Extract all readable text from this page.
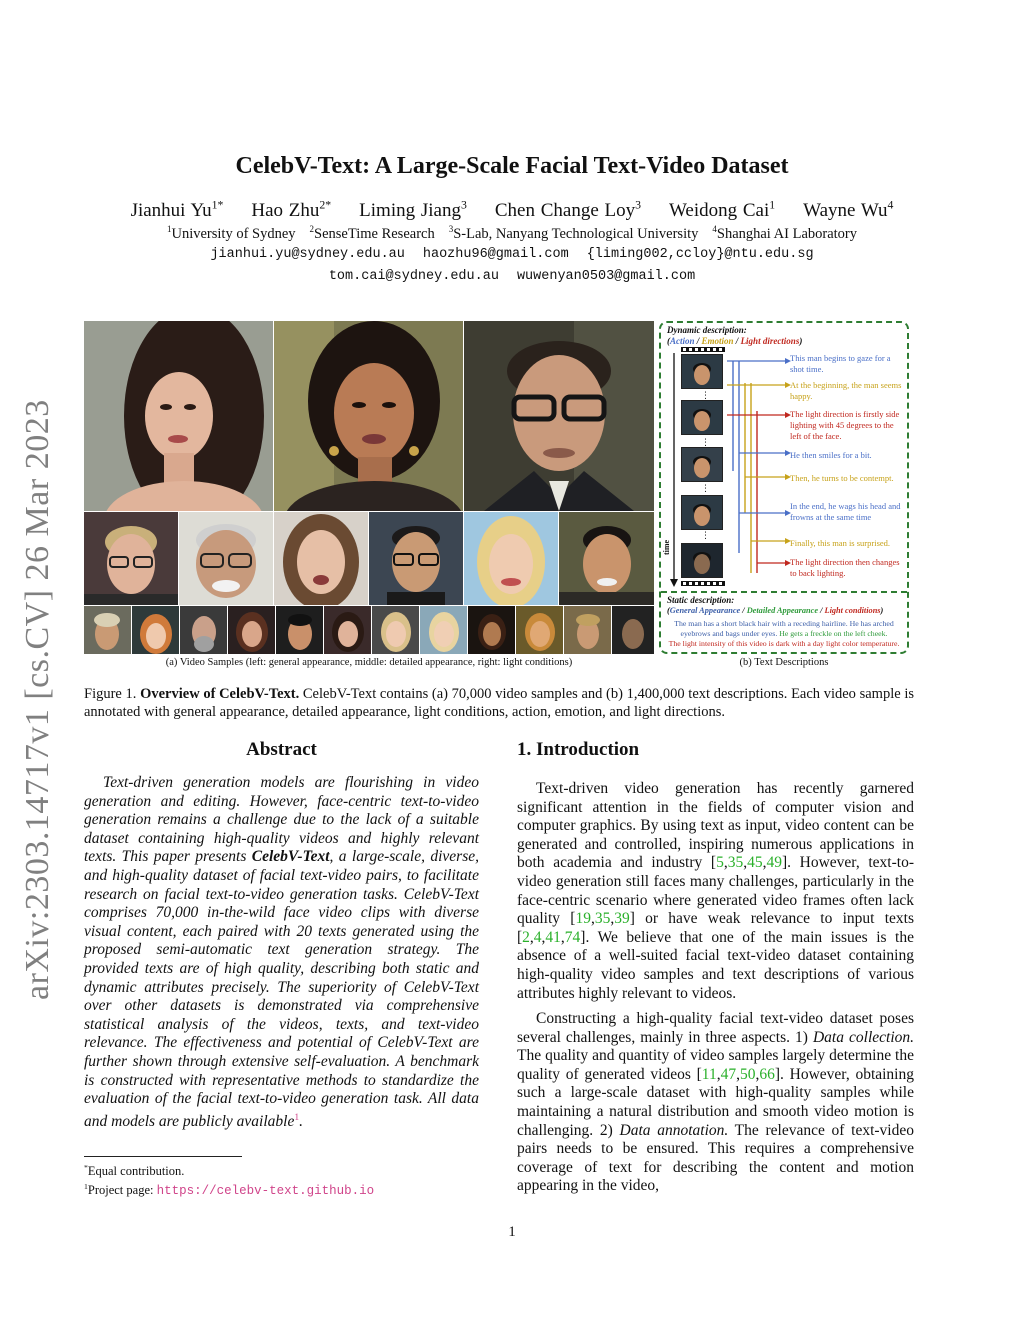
arXiv:2303.14717v1 [cs.CV] 26 Mar 2023
CelebV-Text: A Large-Scale Facial Text-Video Dataset
Jianhui $Yu^{1*}$ Hao Zhu$^{2*}$ Liming Jiang$^3$ Chen Change Loy$^3$ Weidong Cai$^1$ Wayne Wu$^4$
$^1$University of Sydney $^2$SenseTime Research $^3$S-Lab, Nanyang Technological University $^4$Shanghai AI Laboratory
jianhui.yu@sydney.edu.au haozhu96@gmail.com {liming002,ccloy}@ntu.edu.sg
tom.cai@sydney.edu.au wuwenyan0503@gmail.com
Dynamic description:
(Action / Emotion / Light directions)
⋮
⋮
⋮
⋮
time
This man begins to gaze for a shot time.
At the beginning, the man seems happy.
The light direction is firstly side lighting with 45 degrees to the left of the face.
He then smiles for a bit.
Then, he turns to be contempt.
In the end, he wags his head and frowns at the same time
Finally, this man is surprised.
The light direction then changes to back lighting.
Static description:
(General Appearance / Detailed Appearance / Light conditions)
The man has a short black hair with a receding hairline. He has arched eyebrows and bags under eyes. He gets a freckle on the left cheek.
The light intensity of this video is dark with a day light color temperature.
(a) Video Samples (left: general appearance, middle: detailed appearance, right: light conditions)	(b) Text Descriptions
Figure 1. Overview of CelebV-Text. CelebV-Text contains (a) 70,000 video samples and (b) 1,400,000 text descriptions. Each video sample is annotated with general appearance, detailed appearance, light conditions, action, emotion, and light directions.
Abstract
Text-driven generation models are flourishing in video generation and editing. However, face-centric text-to-video generation remains a challenge due to the lack of a suitable dataset containing high-quality videos and highly relevant texts. This paper presents CelebV-Text, a large-scale, diverse, and high-quality dataset of facial text-video pairs, to facilitate research on facial text-to-video generation tasks. CelebV-Text comprises 70,000 in-the-wild face video clips with diverse visual content, each paired with 20 texts generated using the proposed semi-automatic text generation strategy. The provided texts are of high quality, describing both static and dynamic attributes precisely. The superiority of CelebV-Text over other datasets is demonstrated via comprehensive statistical analysis of the videos, texts, and text-video relevance. The effectiveness and potential of CelebV-Text are further shown through extensive self-evaluation. A benchmark is constructed with representative methods to standardize the evaluation of the facial text-to-video generation task. All data and models are publicly available$^1$.
1. Introduction
Text-driven video generation has recently garnered significant attention in the fields of computer vision and computer graphics. By using text as input, video content can be generated and controlled, inspiring numerous applications in both academia and industry [5,35,45,49]. However, text-to-video generation still faces many challenges, particularly in the face-centric scenario where generated video frames often lack quality [19,35,39] or have weak relevance to input texts [2,4,41,74]. We believe that one of the main issues is the absence of a well-suited facial text-video dataset containing high-quality video samples and text descriptions of various attributes highly relevant to videos.
Constructing a high-quality facial text-video dataset poses several challenges, mainly in three aspects. 1) Data collection. The quality and quantity of video samples largely determine the quality of generated videos [11,47,50,66]. However, obtaining such a large-scale dataset with high-quality samples while maintaining a natural distribution and smooth video motion is challenging. 2) Data annotation. The relevance of text-video pairs needs to be ensured. This requires a comprehensive coverage of text for describing the content and motion appearing in the video,
*Equal contribution.
$^1$Project page: https://celebv-text.github.io
1
